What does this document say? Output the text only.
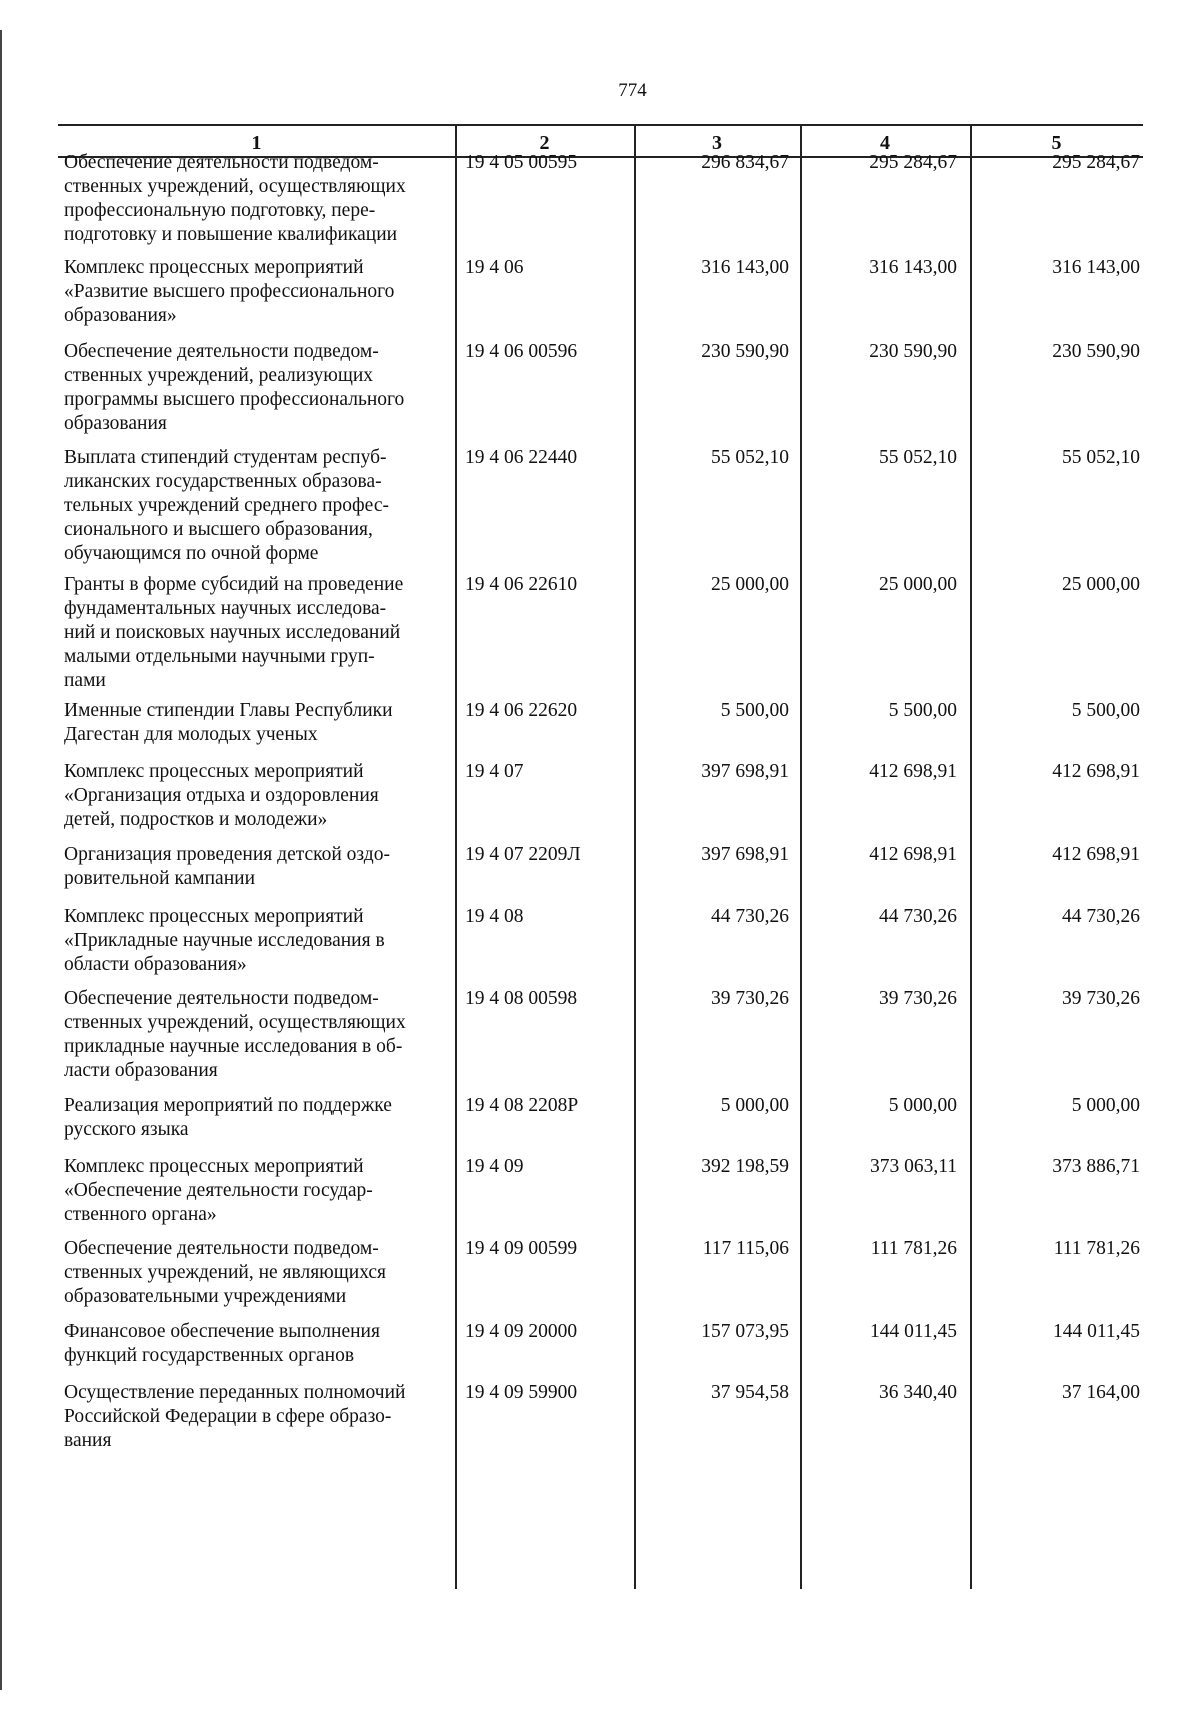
774
1	2	3	4	5
Обеспечение деятельности подведом-
ственных учреждений, осуществляющих
профессиональную подготовку, пере-
подготовку и повышение квалификации
19 4 05 00595	296 834,67	295 284,67	295 284,67
Комплекс процессных мероприятий
«Развитие высшего профессионального
образования»
19 4 06	316 143,00	316 143,00	316 143,00
Обеспечение деятельности подведом-
ственных учреждений, реализующих
программы высшего профессионального
образования
19 4 06 00596	230 590,90	230 590,90	230 590,90
Выплата стипендий студентам респуб-
ликанских государственных образова-
тельных учреждений среднего профес-
сионального и высшего образования,
обучающимся по очной форме
19 4 06 22440	55 052,10	55 052,10	55 052,10
Гранты в форме субсидий на проведение
фундаментальных научных исследова-
ний и поисковых научных исследований
малыми отдельными научными груп-
пами
19 4 06 22610	25 000,00	25 000,00	25 000,00
Именные стипендии Главы Республики
Дагестан для молодых ученых
19 4 06 22620	5 500,00	5 500,00	5 500,00
Комплекс процессных мероприятий
«Организация отдыха и оздоровления
детей, подростков и молодежи»
19 4 07	397 698,91	412 698,91	412 698,91
Организация проведения детской оздо-
ровительной кампании
19 4 07 2209Л	397 698,91	412 698,91	412 698,91
Комплекс процессных мероприятий
«Прикладные научные исследования в
области образования»
19 4 08	44 730,26	44 730,26	44 730,26
Обеспечение деятельности подведом-
ственных учреждений, осуществляющих
прикладные научные исследования в об-
ласти образования
19 4 08 00598	39 730,26	39 730,26	39 730,26
Реализация мероприятий по поддержке
русского языка
19 4 08 2208Р	5 000,00	5 000,00	5 000,00
Комплекс процессных мероприятий
«Обеспечение деятельности государ-
ственного органа»
19 4 09	392 198,59	373 063,11	373 886,71
Обеспечение деятельности подведом-
ственных учреждений, не являющихся
образовательными учреждениями
19 4 09 00599	117 115,06	111 781,26	111 781,26
Финансовое обеспечение выполнения
функций государственных органов
19 4 09 20000	157 073,95	144 011,45	144 011,45
Осуществление переданных полномочий
Российской Федерации в сфере образо-
вания
19 4 09 59900	37 954,58	36 340,40	37 164,00
